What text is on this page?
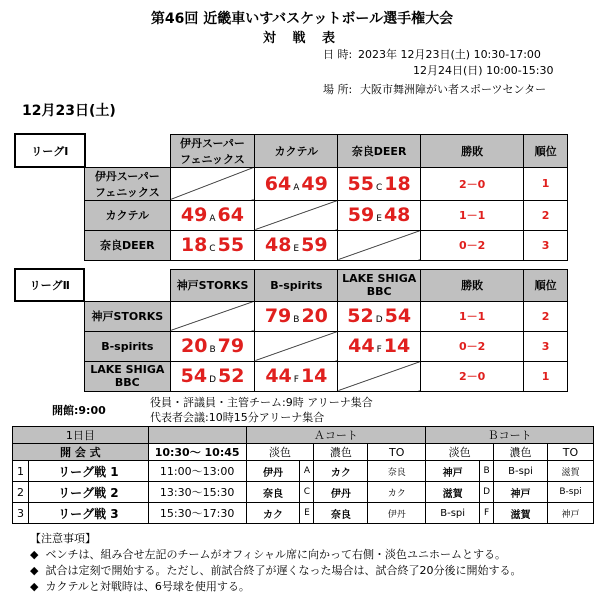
第46回 近畿車いすバスケットボール選手権大会
対 戦 表
日 時: 2023年 12月23日(土) 10:30-17:00
12月24日(日) 10:00-15:30
場 所: 大阪市舞洲障がい者スポーツセンター
12月23日(土)
リーグⅠ		伊丹スーパー
フェニックス	カクテル	奈良DEER	勝敗	順位

	伊丹スーパー
フェニックス		64 A 49	55 C 18	2－0	1
	カクテル	49 A 64		59 E 48	1－1	2
	奈良DEER	18 C 55	48 E 59		0－2	3
リーグⅡ		神戸STORKS	B-spirits	LAKE SHIGA
BBC	勝敗	順位
	神戸STORKS		79 B 20	52 D 54	1－1	2
	B-spirits	20 B 79		44 F 14	0－2	3

	LAKE SHIGA
BBC	54 D 52	44 F 14		2－0	1
開館:9:00
役員・評議員・主管チーム:9時 アリーナ集合
代表者会議:10時15分アリーナ集合
1日目			Ａコート				Ｂコート			
開 会 式		10:30～ 10:45	淡色		濃色	TO	淡色		濃色	TO
1	リーグ戦 1	11:00～13:00	伊丹	A	カク	奈良	神戸	B	B-spi	滋賀
2	リーグ戦 2	13:30～15:30	奈良	C	伊丹	カク	滋賀	D	神戸	B-spi
3	リーグ戦 3	15:30～17:30	カク	E	奈良	伊丹	B-spi	F	滋賀	神戸
【注意事項】
◆ ベンチは、組み合せ左記のチームがオフィシャル席に向かって右側・淡色ユニホームとする。
◆ 試合は定刻で開始する。ただし、前試合終了が遅くなった場合は、試合終了20分後に開始する。
◆ カクテルと対戦時は、6号球を使用する。
